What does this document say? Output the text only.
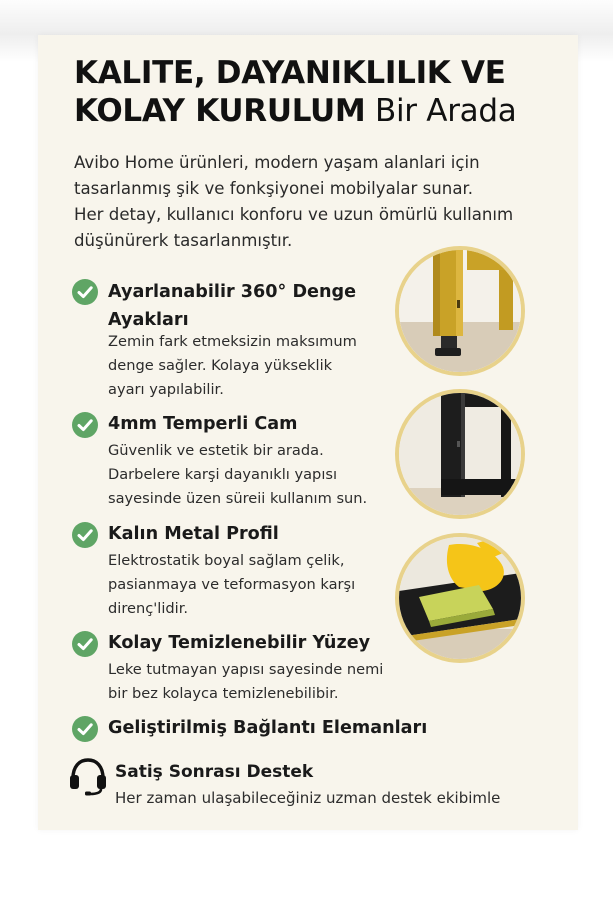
KALITE, DAYANIKLILIK VE
KOLAY KURULUM Bir Arada

Avibo Home ürünleri, modern yaşam alanlari için
tasarlanmış şik ve fonkşiyonei mobilyalar sunar.
Her detay, kullanıcı konforu ve uzun ömürlü kullanım
düşünürerk tasarlanmıştır.

Ayarlanabilir 360° Denge
Ayakları

Zemin fark etmeksizin maksımum
denge sağler. Kolaya yükseklik
ayarı yapılabilir.

4mm Temperli Cam

Güvenlik ve estetik bir arada.
Darbelere karşi dayanıklı yapısı
sayesinde üzen süreii kullanım sun.

Kalın Metal Profil

Elektrostatik boyal sağlam çelik,
pasianmaya ve teformasyon karşı
direnç'lidir.

Kolay Temizlenebilir Yüzey

Leke tutmayan yapısı sayesinde nemi
bir bez kolayca temizlenebilibir.

Geliştirilmiş Bağlantı Elemanları

Satiş Sonrası Destek

Her zaman ulaşabileceğiniz uzman destek ekibimle
